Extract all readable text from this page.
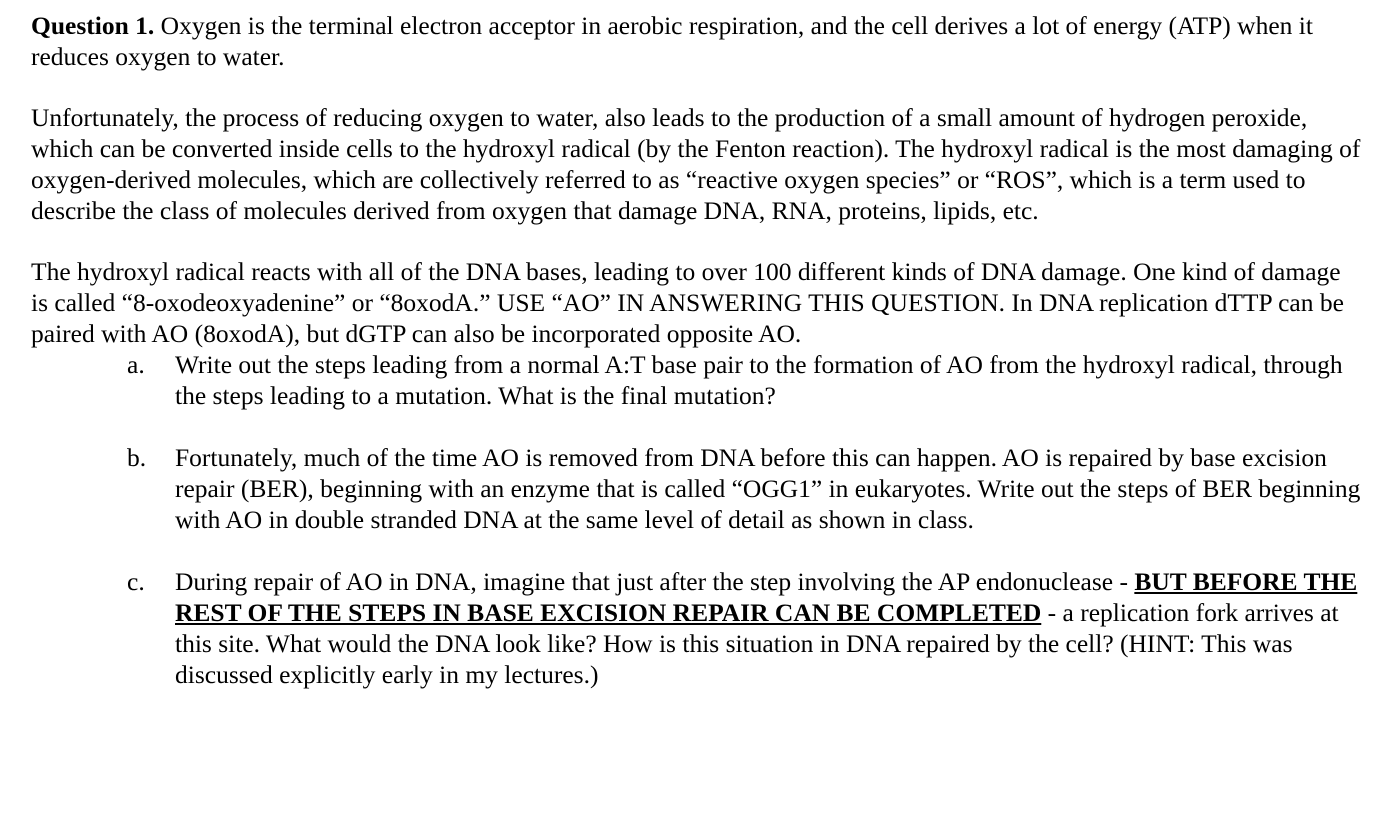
Question 1. Oxygen is the terminal electron acceptor in aerobic respiration, and the cell derives a lot of energy (ATP) when it reduces oxygen to water.

Unfortunately, the process of reducing oxygen to water, also leads to the production of a small amount of hydrogen peroxide, which can be converted inside cells to the hydroxyl radical (by the Fenton reaction). The hydroxyl radical is the most damaging of oxygen-derived molecules, which are collectively referred to as “reactive oxygen species” or “ROS”, which is a term used to describe the class of molecules derived from oxygen that damage DNA, RNA, proteins, lipids, etc.

The hydroxyl radical reacts with all of the DNA bases, leading to over 100 different kinds of DNA damage. One kind of damage is called “8-oxodeoxyadenine” or “8oxodA.” USE “AO” IN ANSWERING THIS QUESTION. In DNA replication dTTP can be paired with AO (8oxodA), but dGTP can also be incorporated opposite AO.

a.	Write out the steps leading from a normal A:T base pair to the formation of AO from the hydroxyl radical, through the steps leading to a mutation. What is the final mutation?
b.	Fortunately, much of the time AO is removed from DNA before this can happen. AO is repaired by base excision repair (BER), beginning with an enzyme that is called “OGG1” in eukaryotes. Write out the steps of BER beginning with AO in double stranded DNA at the same level of detail as shown in class.
c.	During repair of AO in DNA, imagine that just after the step involving the AP endonuclease - BUT BEFORE THE REST OF THE STEPS IN BASE EXCISION REPAIR CAN BE COMPLETED - a replication fork arrives at this site. What would the DNA look like? How is this situation in DNA repaired by the cell? (HINT: This was discussed explicitly early in my lectures.)
